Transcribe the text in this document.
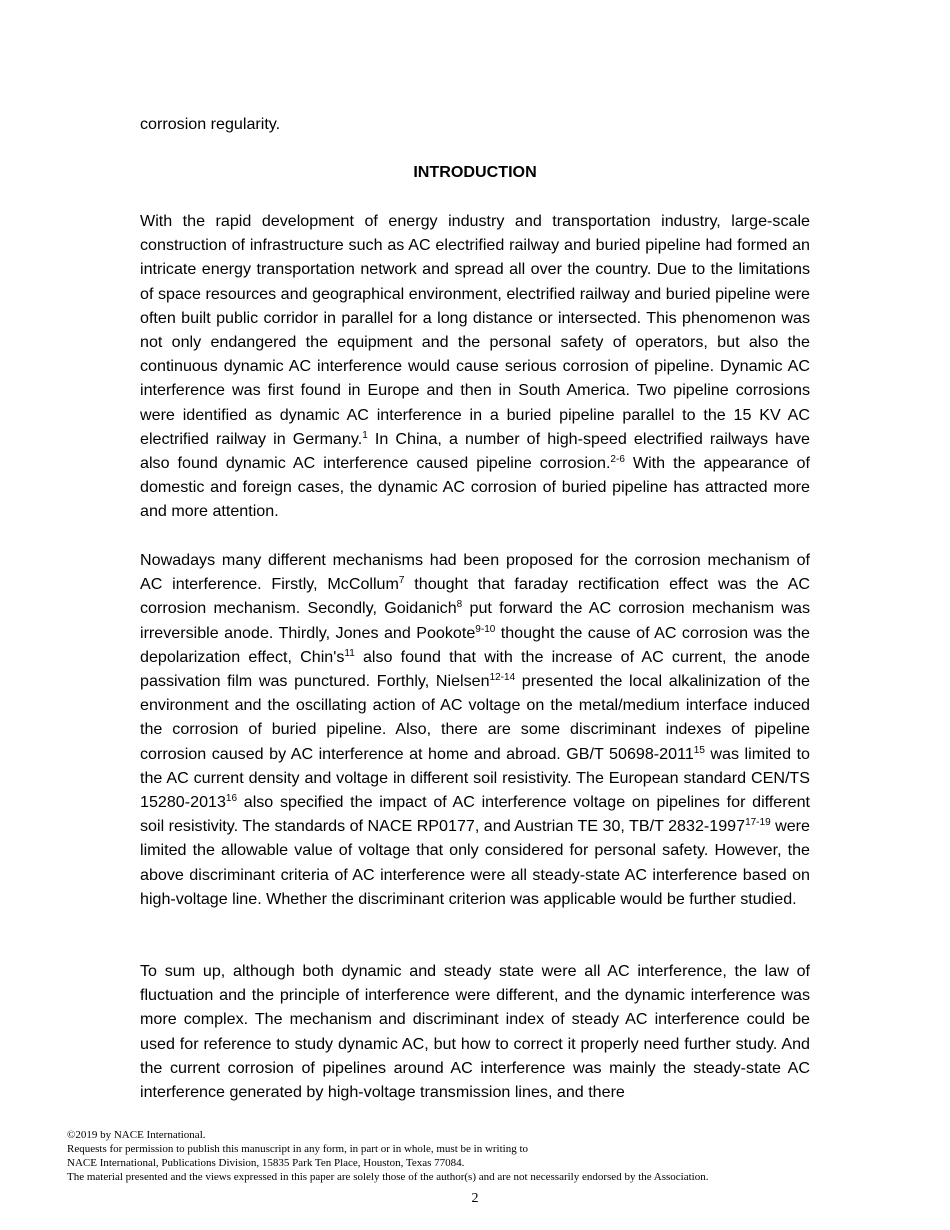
corrosion regularity.

INTRODUCTION

With the rapid development of energy industry and transportation industry, large-scale construction of infrastructure such as AC electrified railway and buried pipeline had formed an intricate energy transportation network and spread all over the country. Due to the limitations of space resources and geographical environment, electrified railway and buried pipeline were often built public corridor in parallel for a long distance or intersected. This phenomenon was not only endangered the equipment and the personal safety of operators, but also the continuous dynamic AC interference would cause serious corrosion of pipeline. Dynamic AC interference was first found in Europe and then in South America. Two pipeline corrosions were identified as dynamic AC interference in a buried pipeline parallel to the 15 KV AC electrified railway in Germany.$^1$ In China, a number of high-speed electrified railways have also found dynamic AC interference caused pipeline corrosion.$^{2-6}$ With the appearance of domestic and foreign cases, the dynamic AC corrosion of buried pipeline has attracted more and more attention.

Nowadays many different mechanisms had been proposed for the corrosion mechanism of AC interference. Firstly, McCollum$^7$ thought that faraday rectification effect was the AC corrosion mechanism. Secondly, Goidanich$^8$ put forward the AC corrosion mechanism was irreversible anode. Thirdly, Jones and Pookote$^{9-10}$ thought the cause of AC corrosion was the depolarization effect, $Chin's^{11}$ also found that with the increase of AC current, the anode passivation film was punctured. Forthly, Nielsen$^{12-14}$ presented the local alkalinization of the environment and the oscillating action of AC voltage on the metal/medium interface induced the corrosion of buried pipeline. Also, there are some discriminant indexes of pipeline corrosion caused by AC interference at home and abroad. GB/T 50698-2011$^{15}$ was limited to the AC current density and voltage in different soil resistivity. The European standard CEN/TS 15280-2013$^{16}$ also specified the impact of AC interference voltage on pipelines for different soil resistivity. The standards of NACE RP0177, and Austrian TE 30, TB/T 2832-1997$^{17-19}$ were limited the allowable value of voltage that only considered for personal safety. However, the above discriminant criteria of AC interference were all steady-state AC interference based on high-voltage line. Whether the discriminant criterion was applicable would be further studied.

To sum up, although both dynamic and steady state were all AC interference, the law of fluctuation and the principle of interference were different, and the dynamic interference was more complex. The mechanism and discriminant index of steady AC interference could be used for reference to study dynamic AC, but how to correct it properly need further study. And the current corrosion of pipelines around AC interference was mainly the steady-state AC interference generated by high-voltage transmission lines, and there

©2019 by NACE International.
Requests for permission to publish this manuscript in any form, in part or in whole, must be in writing to
NACE International, Publications Division, 15835 Park Ten Place, Houston, Texas 77084.
The material presented and the views expressed in this paper are solely those of the author(s) and are not necessarily endorsed by the Association.
2
